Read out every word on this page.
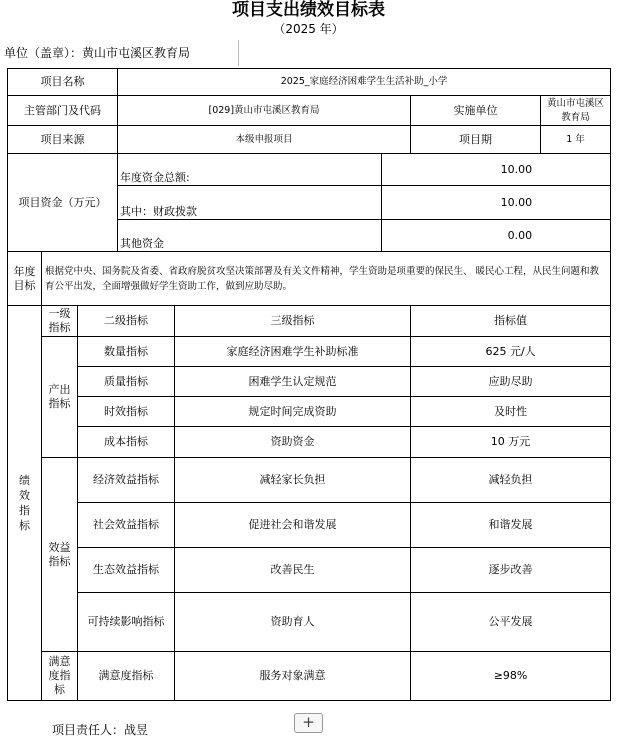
项目支出绩效目标表
（2025 年）
单位（盖章）：黄山市屯溪区教育局
项目名称			2025_家庭经济困难学生生活补助_小学				
主管部门及代码			[029]黄山市屯溪区教育局			实施单位	黄山市屯溪区教育局
项目来源			本级申报项目			项目期	1 年
项目资金（万元）			年度资金总额:		10.00		
			其中：财政拨款		10.00		
			其他资金		0.00		
年度目标	根据党中央、国务院及省委、省政府脱贫攻坚决策部署及有关文件精神，学生资助是项重要的保民生、 暖民心工程，从民生问题和教育公平出发，全面增强做好学生资助工作，做到应助尽助。						
绩效指标	一级指标	二级指标		三级指标		指标值	
	产出指标	数量指标		家庭经济困难学生补助标准		625 元/人	
		质量指标		困难学生认定规范		应助尽助	
		时效指标		规定时间完成资助		及时性	
		成本指标		资助资金		10 万元	
	效益指标	经济效益指标		减轻家长负担		减轻负担	
		社会效益指标		促进社会和谐发展		和谐发展	
		生态效益指标		改善民生		逐步改善	
		可持续影响指标		资助育人		公平发展	
	满意度指标	满意度指标		服务对象满意		≥98%	
+
项目责任人：战昱
